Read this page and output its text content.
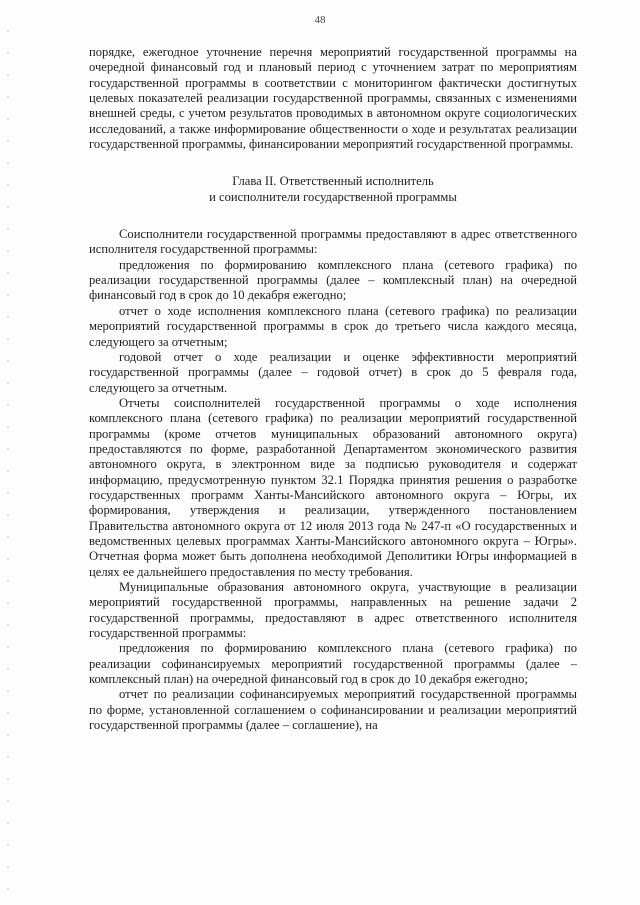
48

порядке, ежегодное уточнение перечня мероприятий государственной программы на очередной финансовый год и плановый период с уточнением затрат по мероприятиям государственной программы в соответствии с мониторингом фактически достигнутых целевых показателей реализации государственной программы, связанных с изменениями внешней среды, с учетом результатов проводимых в автономном округе социологических исследований, а также информирование общественности о ходе и результатах реализации государственной программы, финансировании мероприятий государственной программы.

Глава II. Ответственный исполнитель
и соисполнители государственной программы

Соисполнители государственной программы предоставляют в адрес ответственного исполнителя государственной программы:

предложения по формированию комплексного плана (сетевого графика) по реализации государственной программы (далее – комплексный план) на очередной финансовый год в срок до 10 декабря ежегодно;

отчет о ходе исполнения комплексного плана (сетевого графика) по реализации мероприятий государственной программы в срок до третьего числа каждого месяца, следующего за отчетным;

годовой отчет о ходе реализации и оценке эффективности мероприятий государственной программы (далее – годовой отчет) в срок до 5 февраля года, следующего за отчетным.

Отчеты соисполнителей государственной программы о ходе исполнения комплексного плана (сетевого графика) по реализации мероприятий государственной программы (кроме отчетов муниципальных образований автономного округа) предоставляются по форме, разработанной Департаментом экономического развития автономного округа, в электронном виде за подписью руководителя и содержат информацию, предусмотренную пунктом 32.1 Порядка принятия решения о разработке государственных программ Ханты-Мансийского автономного округа – Югры, их формирования, утверждения и реализации, утвержденного постановлением Правительства автономного округа от 12 июля 2013 года № 247-п «О государственных и ведомственных целевых программах Ханты-Мансийского автономного округа – Югры». Отчетная форма может быть дополнена необходимой Деполитики Югры информацией в целях ее дальнейшего предоставления по месту требования.

Муниципальные образования автономного округа, участвующие в реализации мероприятий государственной программы, направленных на решение задачи 2 государственной программы, предоставляют в адрес ответственного исполнителя государственной программы:

предложения по формированию комплексного плана (сетевого графика) по реализации софинансируемых мероприятий государственной программы (далее – комплексный план) на очередной финансовый год в срок до 10 декабря ежегодно;

отчет по реализации софинансируемых мероприятий государственной программы по форме, установленной соглашением о софинансировании и реализации мероприятий государственной программы (далее – соглашение), на
